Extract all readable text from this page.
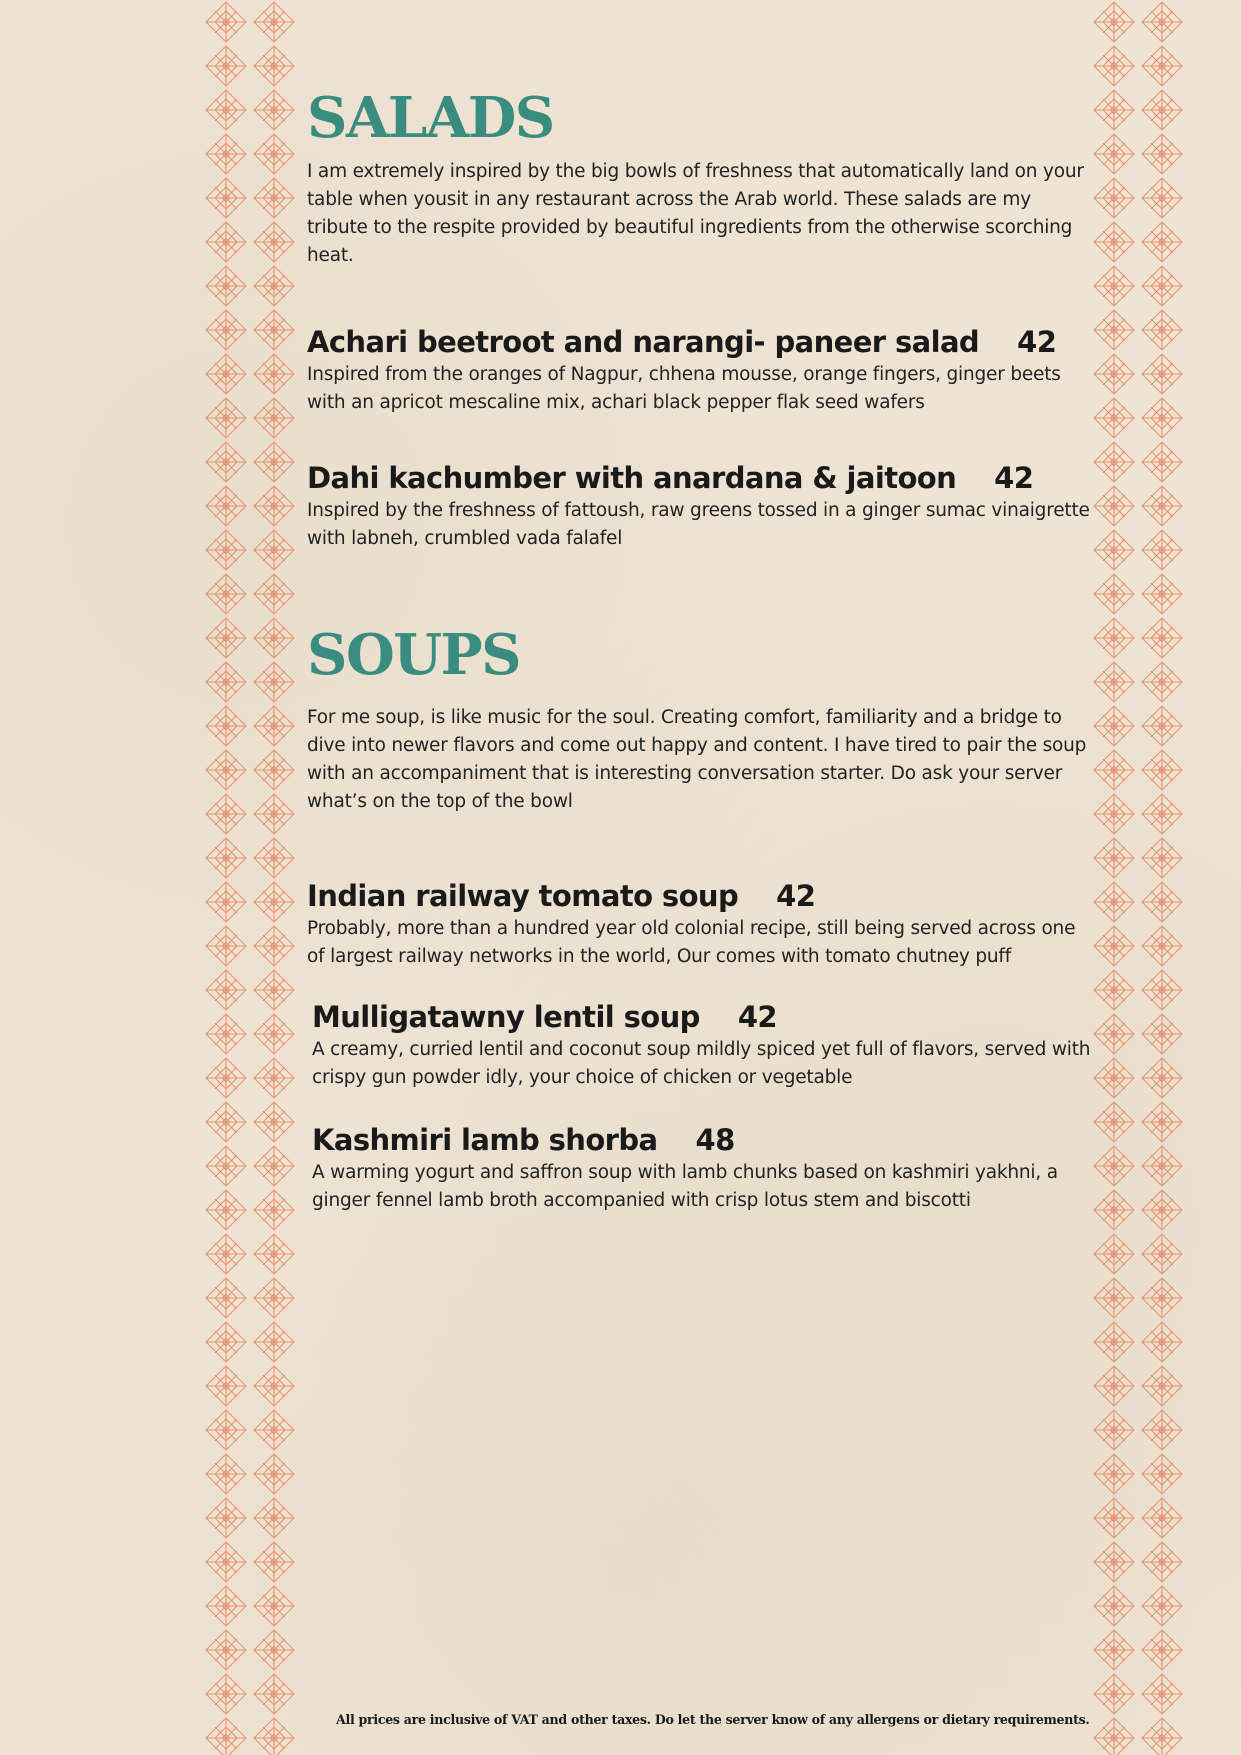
SALADS

I am extremely inspired by the big bowls of freshness that automatically land on your table when yousit in any restaurant across the Arab world. These salads are my tribute to the respite provided by beautiful ingredients from the otherwise scorching heat.

Achari beetroot and narangi- paneer salad 42

Inspired from the oranges of Nagpur, chhena mousse, orange fingers, ginger beets with an apricot mescaline mix, achari black pepper flak seed wafers

Dahi kachumber with anardana & jaitoon 42

Inspired by the freshness of fattoush, raw greens tossed in a ginger sumac vinaigrette with labneh, crumbled vada falafel

SOUPS

For me soup, is like music for the soul. Creating comfort, familiarity and a bridge to dive into newer flavors and come out happy and content. I have tired to pair the soup with an accompaniment that is interesting conversation starter. Do ask your server what’s on the top of the bowl

Indian railway tomato soup 42

Probably, more than a hundred year old colonial recipe, still being served across one of largest railway networks in the world, Our comes with tomato chutney puff

Mulligatawny lentil soup 42

A creamy, curried lentil and coconut soup mildly spiced yet full of flavors, served with crispy gun powder idly, your choice of chicken or vegetable

Kashmiri lamb shorba 48

A warming yogurt and saffron soup with lamb chunks based on kashmiri yakhni, a ginger fennel lamb broth accompanied with crisp lotus stem and biscotti

All prices are inclusive of VAT and other taxes. Do let the server know of any allergens or dietary requirements.
